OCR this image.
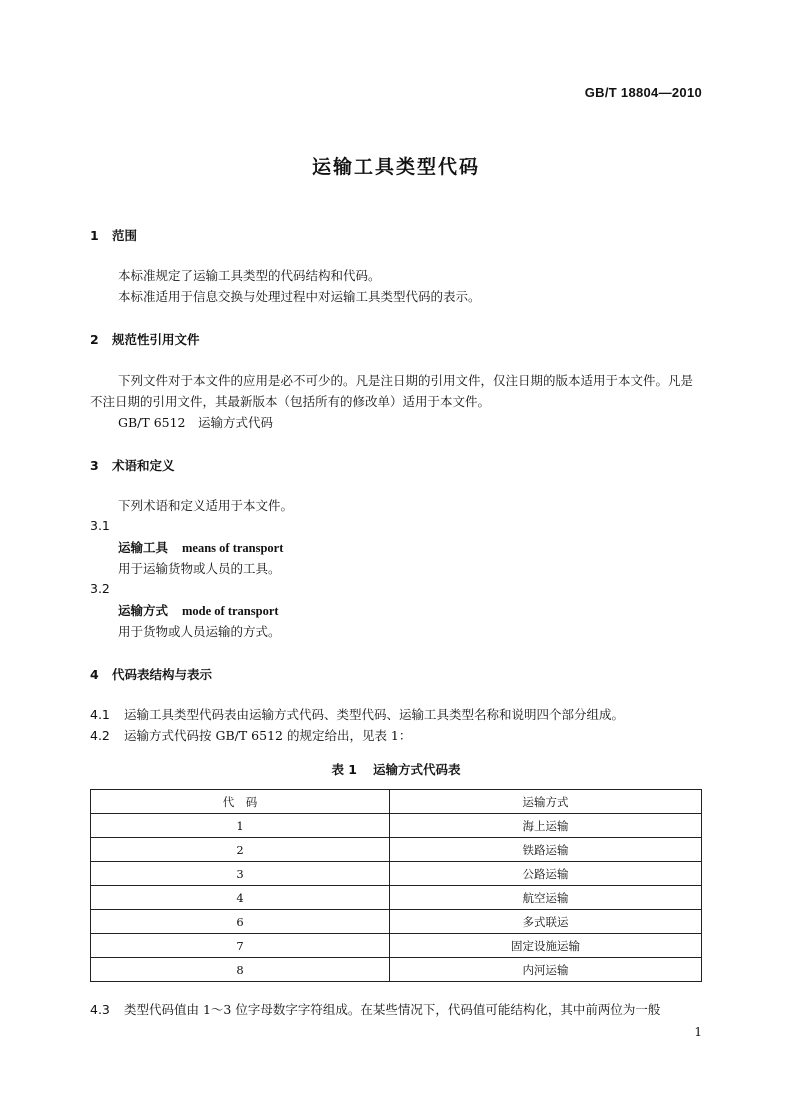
GB/T 18804—2010
运输工具类型代码
1 范围
本标准规定了运输工具类型的代码结构和代码。
本标准适用于信息交换与处理过程中对运输工具类型代码的表示。
2 规范性引用文件
下列文件对于本文件的应用是必不可少的。凡是注日期的引用文件，仅注日期的版本适用于本文件。凡是不注日期的引用文件，其最新版本（包括所有的修改单）适用于本文件。
GB/T 6512　运输方式代码
3 术语和定义
下列术语和定义适用于本文件。
3.1
运输工具 means of transport
用于运输货物或人员的工具。
3.2
运输方式 mode of transport
用于货物或人员运输的方式。
4 代码表结构与表示
4.1 运输工具类型代码表由运输方式代码、类型代码、运输工具类型名称和说明四个部分组成。
4.2 运输方式代码按 GB/T 6512 的规定给出，见表 1：
表 1 运输方式代码表
代　码	运输方式
1	海上运输
2	铁路运输
3	公路运输
4	航空运输
6	多式联运
7	固定设施运输
8	内河运输
4.3 类型代码值由 1～3 位字母数字字符组成。在某些情况下，代码值可能结构化，其中前两位为一般
1
